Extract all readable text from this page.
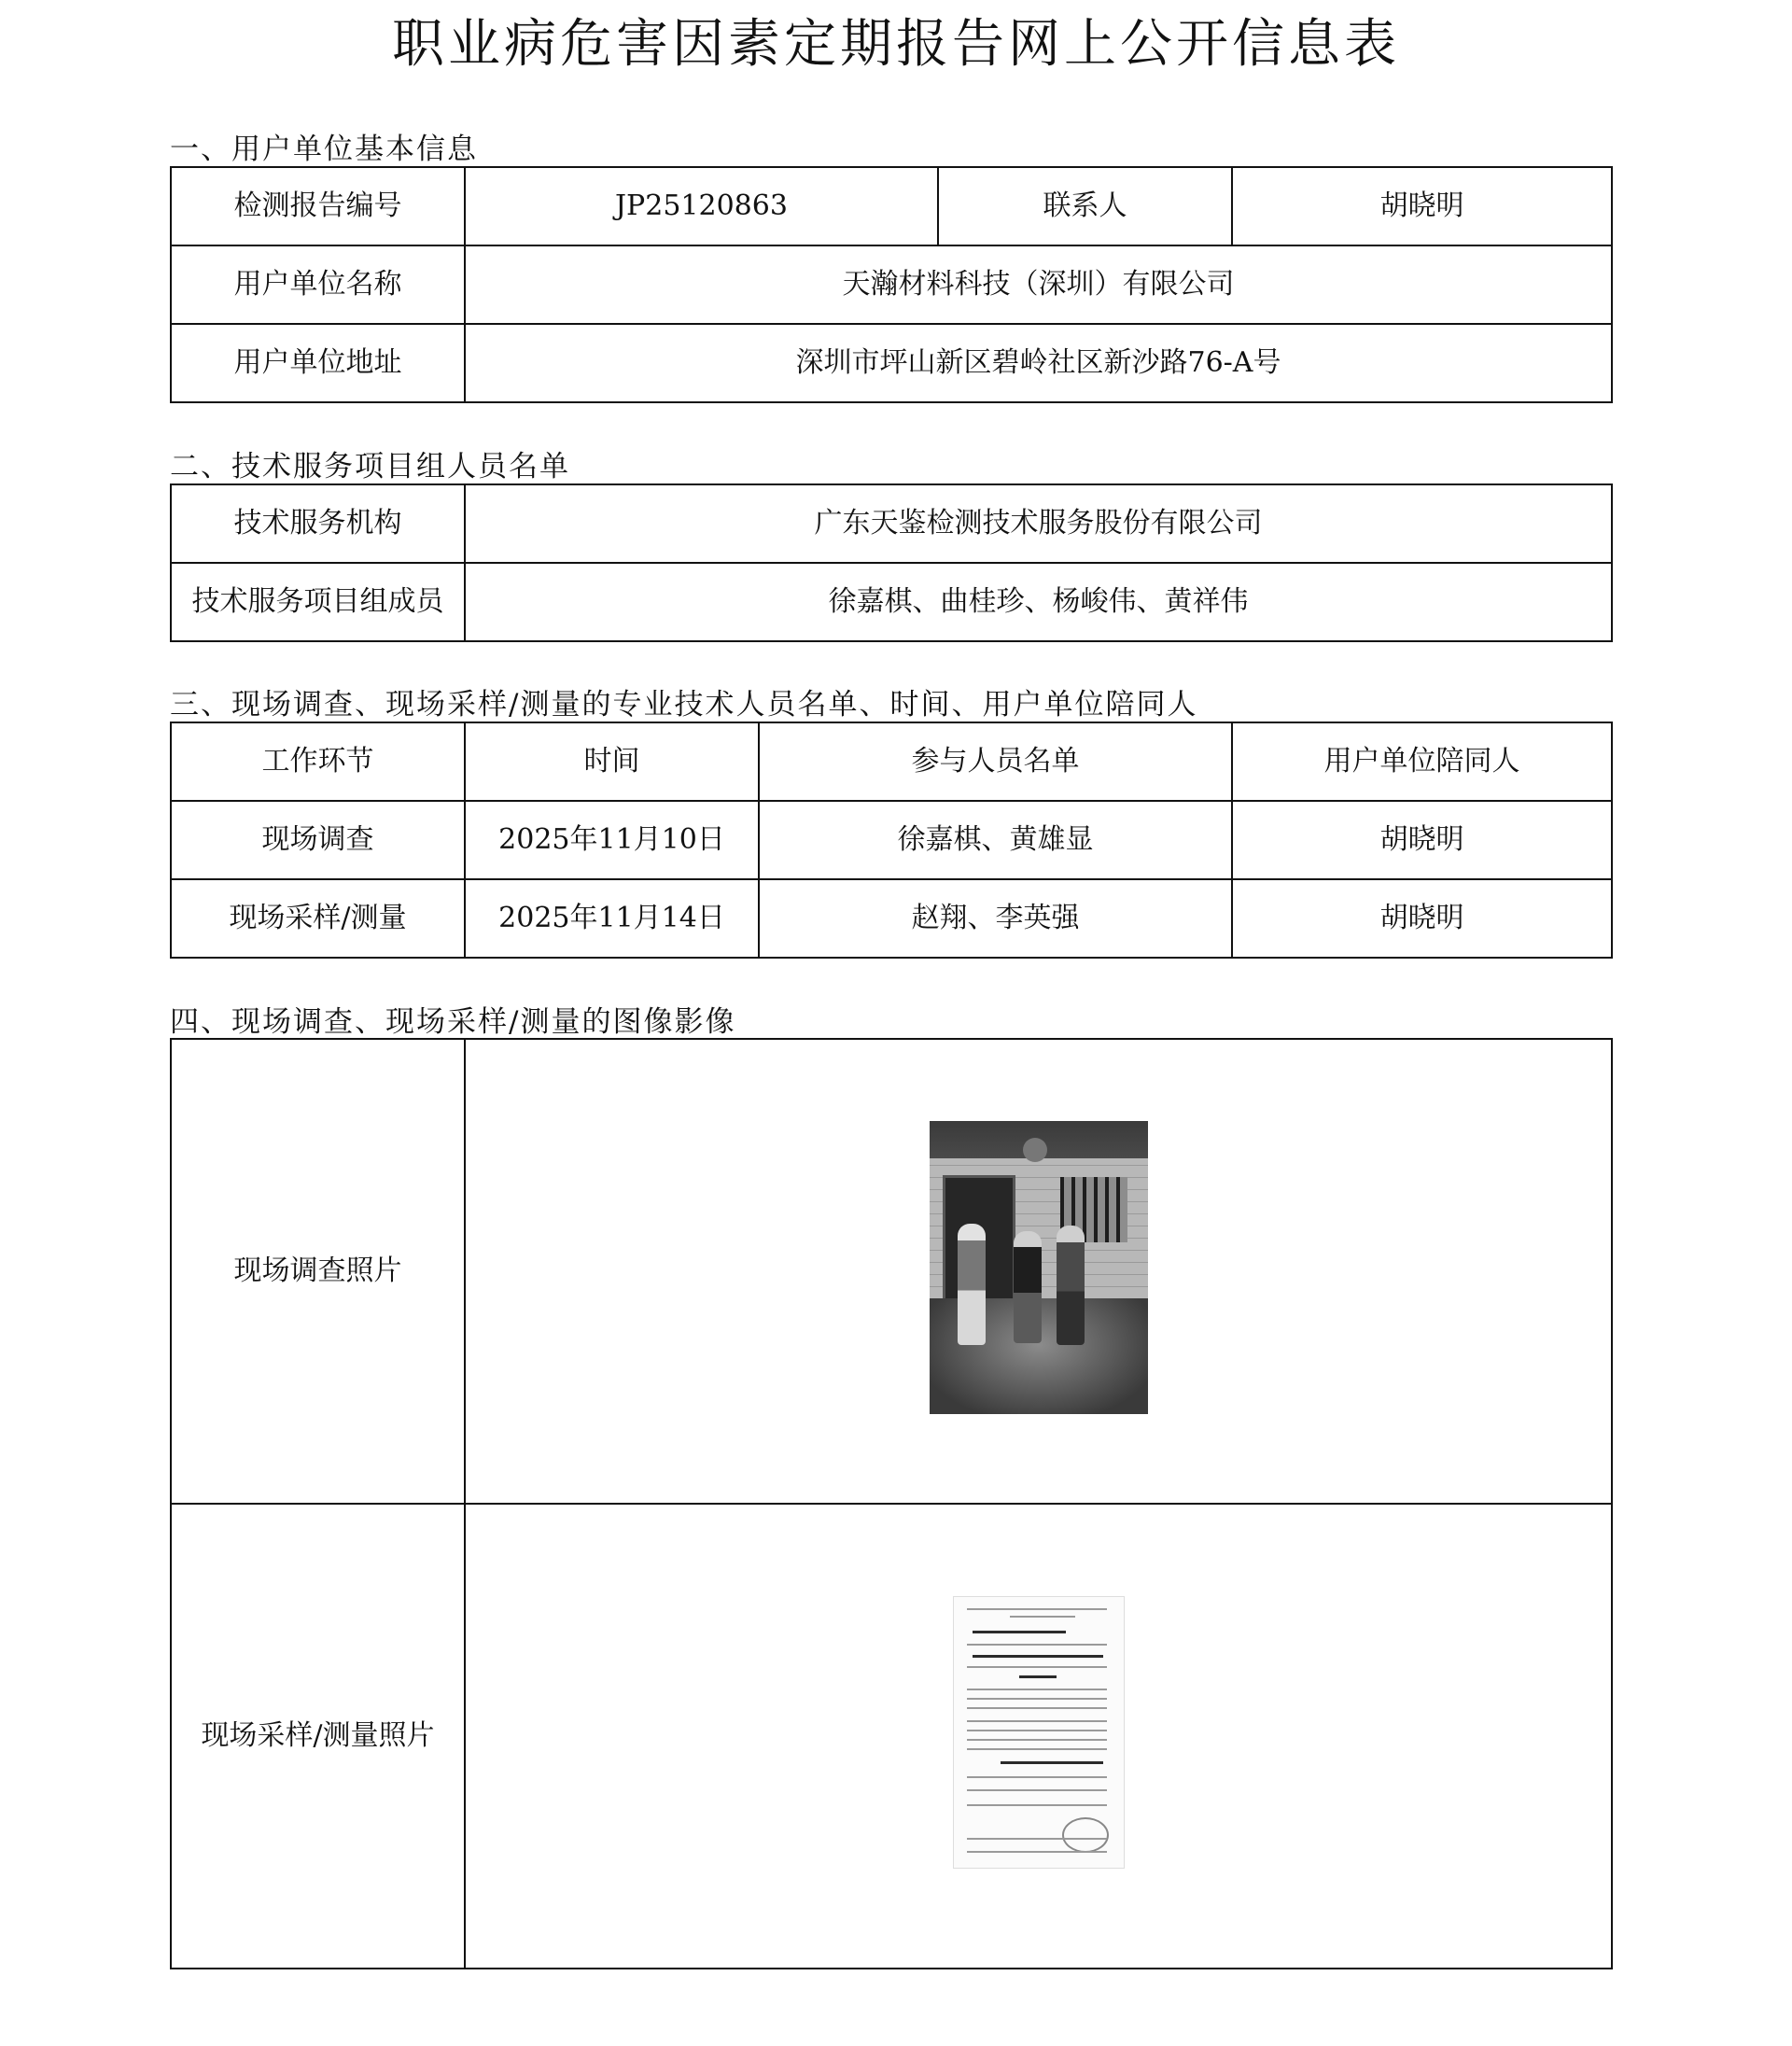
职业病危害因素定期报告网上公开信息表
一、用户单位基本信息
检测报告编号	JP25120863	联系人	胡晓明
用户单位名称	天瀚材料科技（深圳）有限公司		
用户单位地址	深圳市坪山新区碧岭社区新沙路76-A号		
二、技术服务项目组人员名单
技术服务机构	广东天鉴检测技术服务股份有限公司
技术服务项目组成员	徐嘉棋、曲桂珍、杨峻伟、黄祥伟
三、现场调查、现场采样/测量的专业技术人员名单、时间、用户单位陪同人
工作环节	时间	参与人员名单	用户单位陪同人
现场调查	2025年11月10日	徐嘉棋、黄雄显	胡晓明
现场采样/测量	2025年11月14日	赵翔、李英强	胡晓明
四、现场调查、现场采样/测量的图像影像
现场调查照片	

现场采样/测量照片	
